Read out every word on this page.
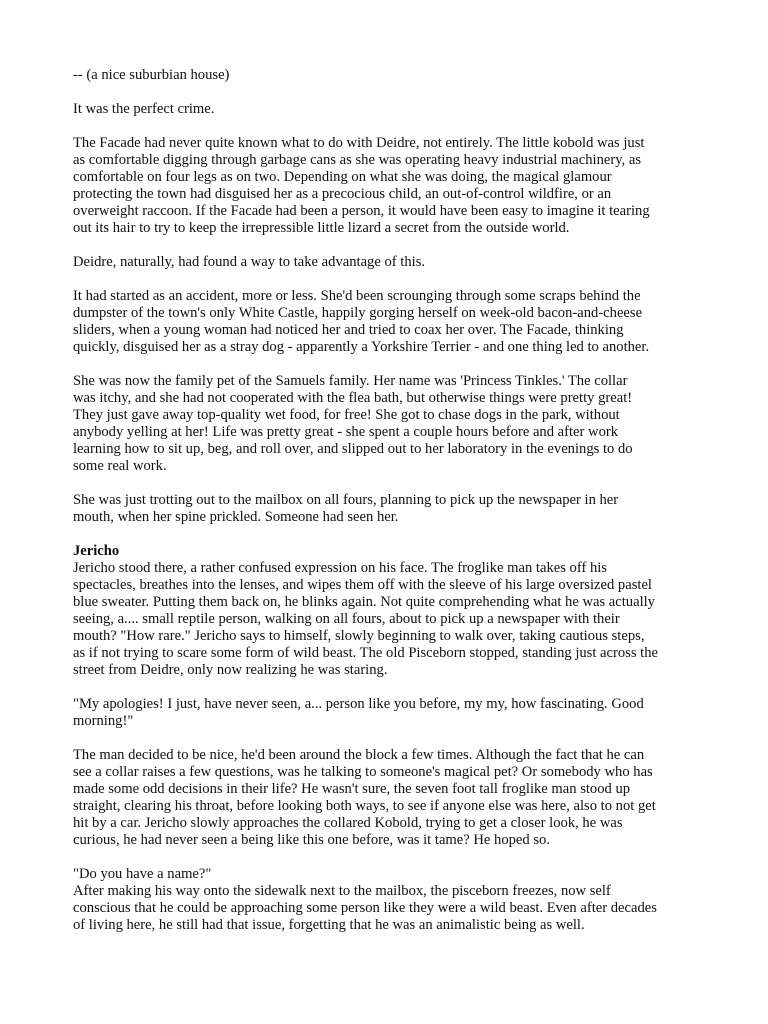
-- (a nice suburbian house)

It was the perfect crime.

The Facade had never quite known what to do with Deidre, not entirely. The little kobold was just
as comfortable digging through garbage cans as she was operating heavy industrial machinery, as
comfortable on four legs as on two. Depending on what she was doing, the magical glamour
protecting the town had disguised her as a precocious child, an out-of-control wildfire, or an
overweight raccoon. If the Facade had been a person, it would have been easy to imagine it tearing
out its hair to try to keep the irrepressible little lizard a secret from the outside world.

Deidre, naturally, had found a way to take advantage of this.

It had started as an accident, more or less. She'd been scrounging through some scraps behind the
dumpster of the town's only White Castle, happily gorging herself on week-old bacon-and-cheese
sliders, when a young woman had noticed her and tried to coax her over. The Facade, thinking
quickly, disguised her as a stray dog - apparently a Yorkshire Terrier - and one thing led to another.

She was now the family pet of the Samuels family. Her name was 'Princess Tinkles.' The collar
was itchy, and she had not cooperated with the flea bath, but otherwise things were pretty great!
They just gave away top-quality wet food, for free! She got to chase dogs in the park, without
anybody yelling at her! Life was pretty great - she spent a couple hours before and after work
learning how to sit up, beg, and roll over, and slipped out to her laboratory in the evenings to do
some real work.

She was just trotting out to the mailbox on all fours, planning to pick up the newspaper in her
mouth, when her spine prickled. Someone had seen her.

Jericho

Jericho stood there, a rather confused expression on his face. The froglike man takes off his
spectacles, breathes into the lenses, and wipes them off with the sleeve of his large oversized pastel
blue sweater. Putting them back on, he blinks again. Not quite comprehending what he was actually
seeing, a.... small reptile person, walking on all fours, about to pick up a newspaper with their
mouth? "How rare." Jericho says to himself, slowly beginning to walk over, taking cautious steps,
as if not trying to scare some form of wild beast. The old Pisceborn stopped, standing just across the
street from Deidre, only now realizing he was staring.

"My apologies! I just, have never seen, a... person like you before, my my, how fascinating. Good
morning!"

The man decided to be nice, he'd been around the block a few times. Although the fact that he can
see a collar raises a few questions, was he talking to someone's magical pet? Or somebody who has
made some odd decisions in their life? He wasn't sure, the seven foot tall froglike man stood up
straight, clearing his throat, before looking both ways, to see if anyone else was here, also to not get
hit by a car. Jericho slowly approaches the collared Kobold, trying to get a closer look, he was
curious, he had never seen a being like this one before, was it tame? He hoped so.

"Do you have a name?"

After making his way onto the sidewalk next to the mailbox, the pisceborn freezes, now self
conscious that he could be approaching some person like they were a wild beast. Even after decades
of living here, he still had that issue, forgetting that he was an animalistic being as well.
